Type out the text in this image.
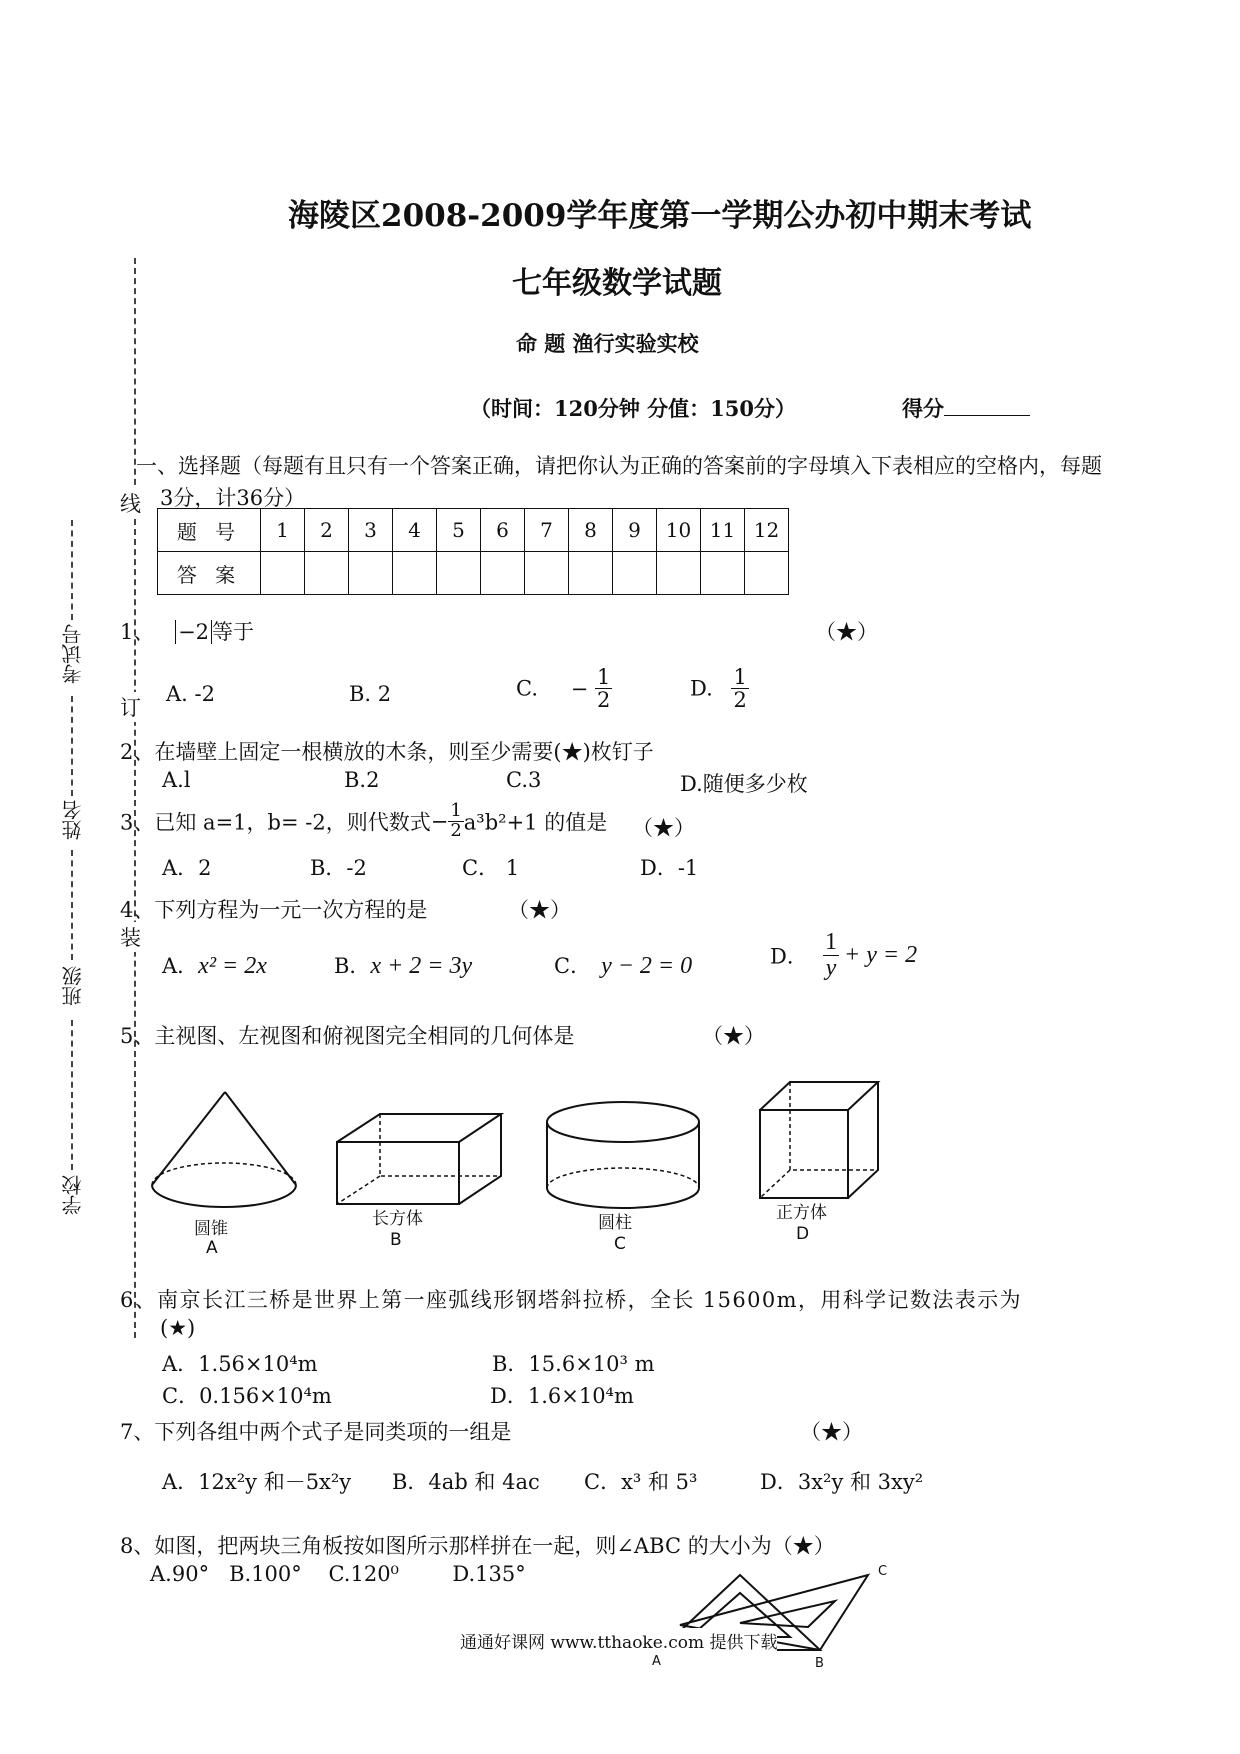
海陵区2008-2009学年度第一学期公办初中期末考试
七年级数学试题
命 题 渔行实验实校
（时间：120分钟 分值：150分）	得分
线
订
装
考试号
姓名
班级
学校
一、选择题（每题有且只有一个答案正确，请把你认为正确的答案前的字母填入下表相应的空格内，每题
3分，计36分）
题 号	1	2	3	4	5	6	7	8	9	10	11	12
答 案												
1、 −2 等于	（★）
A. -2	B. 2	C. − $\frac{1}{2}$	D. $\frac{1}{2}$
2、在墙壁上固定一根横放的木条，则至少需要(★)枚钉子
A.l	B.2	C.3	D.随便多少枚
3、已知 a=1，b= -2，则代数式− $\frac{1}{2} a^3b^2+1$ 的值是 （★）
A．2	B．-2	C． 1	D．-1
4、下列方程为一元一次方程的是	（★）
A．x² = 2x	B．x + 2 = 3y	C． y − 2 = 0	D． $\frac{1}{y} + y = 2$
5、主视图、左视图和俯视图完全相同的几何体是	（★）
圆锥
A
长方体
B
圆柱
C
正方体
D
6、南京长江三桥是世界上第一座弧线形钢塔斜拉桥，全长 15600m，用科学记数法表示为
(★)
A．1.56×10⁴m	B．15.6×10³ m
C．0.156×10⁴m	D．1.6×10⁴m
7、下列各组中两个式子是同类项的一组是	（★）
A．12x²y 和－5x²y B．4ab 和 4ac C．x³ 和 5³	D．3x²y 和 3xy²
8、如图，把两块三角板按如图所示那样拼在一起，则∠ABC 的大小为（★）
A.90°   B.100°    C.120⁰        D.135°
A	B
C
通通好课网 www.tthaoke.com 提供下载
